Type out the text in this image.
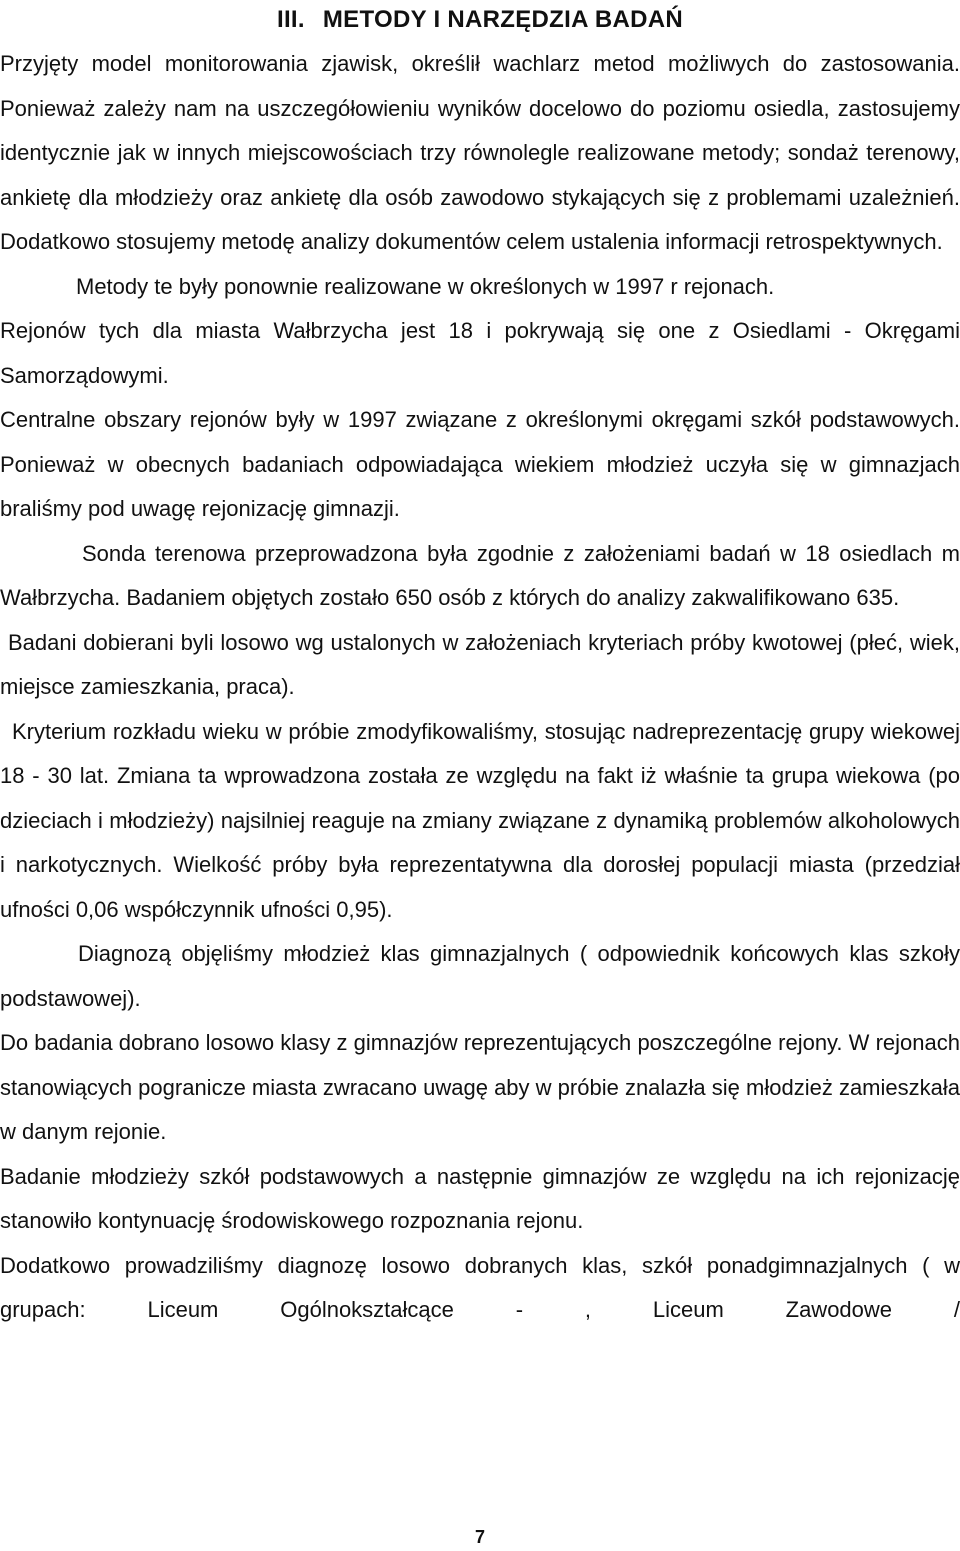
III. METODY I NARZĘDZIA BADAŃ

Przyjęty model monitorowania zjawisk, określił wachlarz metod możliwych do zastosowania. Ponieważ zależy nam na uszczegółowieniu wyników docelowo do poziomu osiedla, zastosujemy identycznie jak w innych miejscowościach trzy równolegle realizowane metody; sondaż terenowy, ankietę dla młodzieży oraz ankietę dla osób zawodowo stykających się z problemami uzależnień. Dodatkowo stosujemy metodę analizy dokumentów celem ustalenia informacji retrospektywnych.

Metody te były ponownie realizowane w określonych w 1997 r rejonach.

Rejonów tych dla miasta Wałbrzycha jest 18 i pokrywają się one z Osiedlami - Okręgami Samorządowymi.

Centralne obszary rejonów były w 1997 związane z określonymi okręgami szkół podstawowych. Ponieważ w obecnych badaniach odpowiadająca wiekiem młodzież uczyła się w gimnazjach braliśmy pod uwagę rejonizację gimnazji.

Sonda terenowa przeprowadzona była zgodnie z założeniami badań w 18 osiedlach m Wałbrzycha. Badaniem objętych zostało 650 osób z których do analizy zakwalifikowano 635.

Badani dobierani byli losowo wg ustalonych w założeniach kryteriach próby kwotowej (płeć, wiek, miejsce zamieszkania, praca).

Kryterium rozkładu wieku w próbie zmodyfikowaliśmy, stosując nadreprezentację grupy wiekowej 18 - 30 lat. Zmiana ta wprowadzona została ze względu na fakt iż właśnie ta grupa wiekowa (po dzieciach i młodzieży) najsilniej reaguje na zmiany związane z dynamiką problemów alkoholowych i narkotycznych. Wielkość próby była reprezentatywna dla dorosłej populacji miasta (przedział ufności 0,06 współczynnik ufności 0,95).

Diagnozą objęliśmy młodzież klas gimnazjalnych ( odpowiednik końcowych klas szkoły podstawowej).

Do badania dobrano losowo klasy z gimnazjów reprezentujących poszczególne rejony. W rejonach stanowiących pogranicze miasta zwracano uwagę aby w próbie znalazła się młodzież zamieszkała w danym rejonie.

Badanie młodzieży szkół podstawowych a następnie gimnazjów ze względu na ich rejonizację stanowiło kontynuację środowiskowego rozpoznania rejonu.

Dodatkowo prowadziliśmy diagnozę losowo dobranych klas, szkół ponadgimnazjalnych ( w grupach: Liceum Ogólnokształcące - , Liceum Zawodowe /

7
